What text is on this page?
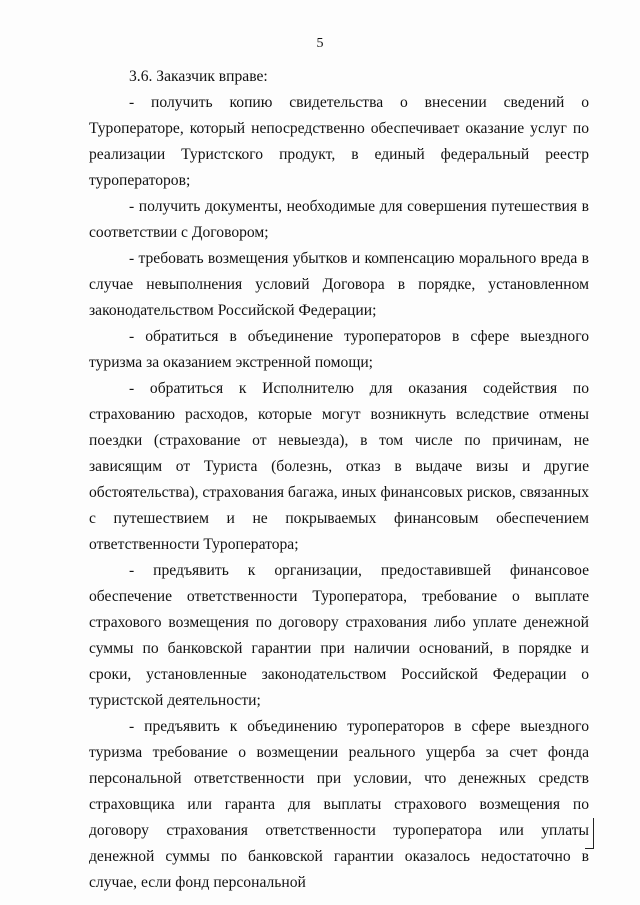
5

3.6. Заказчик вправе:

- получить копию свидетельства о внесении сведений о Туроператоре, который непосредственно обеспечивает оказание услуг по реализации Туристского продукт, в единый федеральный реестр туроператоров;

- получить документы, необходимые для совершения путешествия в соответствии с Договором;

- требовать возмещения убытков и компенсацию морального вреда в случае невыполнения условий Договора в порядке, установленном законодательством Российской Федерации;

- обратиться в объединение туроператоров в сфере выездного туризма за оказанием экстренной помощи;

- обратиться к Исполнителю для оказания содействия по страхованию расходов, которые могут возникнуть вследствие отмены поездки (страхование от невыезда), в том числе по причинам, не зависящим от Туриста (болезнь, отказ в выдаче визы и другие обстоятельства), страхования багажа, иных финансовых рисков, связанных с путешествием и не покрываемых финансовым обеспечением ответственности Туроператора;

- предъявить к организации, предоставившей финансовое обеспечение ответственности Туроператора, требование о выплате страхового возмещения по договору страхования либо уплате денежной суммы по банковской гарантии при наличии оснований, в порядке и сроки, установленные законодательством Российской Федерации о туристской деятельности;

- предъявить к объединению туроператоров в сфере выездного туризма требование о возмещении реального ущерба за счет фонда персональной ответственности при условии, что денежных средств страховщика или гаранта для выплаты страхового возмещения по договору страхования ответственности туроператора или уплаты денежной суммы по банковской гарантии оказалось недостаточно в случае, если фонд персональной
